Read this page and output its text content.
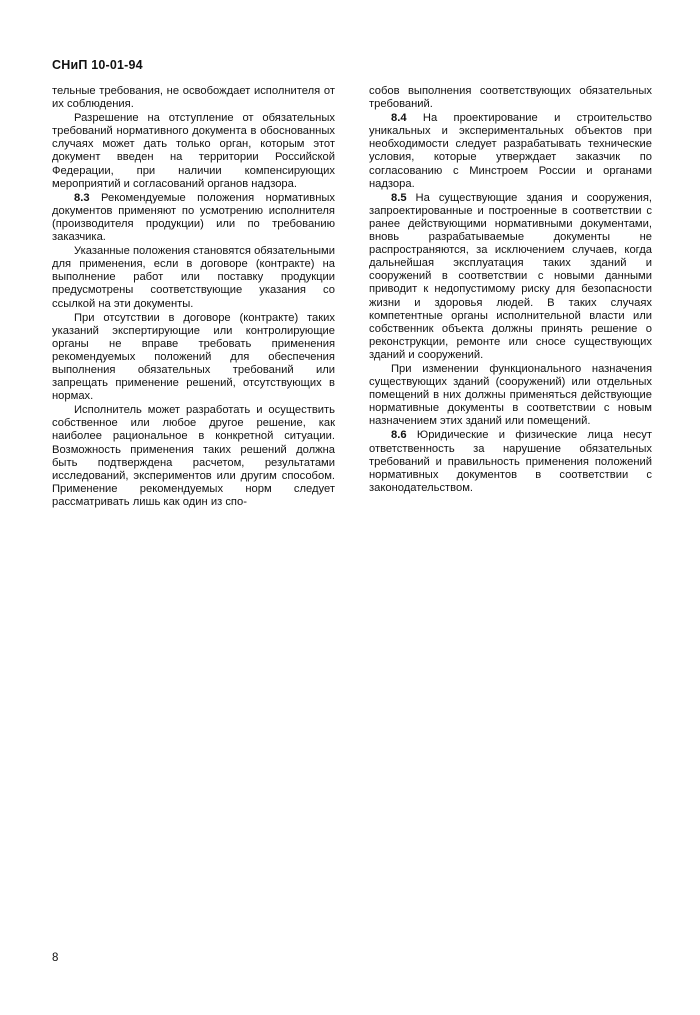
СНиП 10-01-94

тельные требования, не освобождает исполнителя от их соблюдения.

Разрешение на отступление от обязательных требований нормативного документа в обоснованных случаях может дать только орган, которым этот документ введен на территории Российской Федерации, при наличии компенсирующих мероприятий и согласований органов надзора.

8.3 Рекомендуемые положения нормативных документов применяют по усмотрению исполнителя (производителя продукции) или по требованию заказчика.

Указанные положения становятся обязательными для применения, если в договоре (контракте) на выполнение работ или поставку продукции предусмотрены соответствующие указания со ссылкой на эти документы.

При отсутствии в договоре (контракте) таких указаний экспертирующие или контролирующие органы не вправе требовать применения рекомендуемых положений для обеспечения выполнения обязательных требований или запрещать применение решений, отсутствующих в нормах.

Исполнитель может разработать и осуществить собственное или любое другое решение, как наиболее рациональное в конкретной ситуации. Возможность применения таких решений должна быть подтверждена расчетом, результатами исследований, экспериментов или другим способом. Применение рекомендуемых норм следует рассматривать лишь как один из спо-

собов выполнения соответствующих обязательных требований.

8.4 На проектирование и строительство уникальных и экспериментальных объектов при необходимости следует разрабатывать технические условия, которые утверждает заказчик по согласованию с Минстроем России и органами надзора.

8.5 На существующие здания и сооружения, запроектированные и построенные в соответствии с ранее действующими нормативными документами, вновь разрабатываемые документы не распространяются, за исключением случаев, когда дальнейшая эксплуатация таких зданий и сооружений в соответствии с новыми данными приводит к недопустимому риску для безопасности жизни и здоровья людей. В таких случаях компетентные органы исполнительной власти или собственник объекта должны принять решение о реконструкции, ремонте или сносе существующих зданий и сооружений.

При изменении функционального назначения существующих зданий (сооружений) или отдельных помещений в них должны применяться действующие нормативные документы в соответствии с новым назначением этих зданий или помещений.

8.6 Юридические и физические лица несут ответственность за нарушение обязательных требований и правильность применения положений нормативных документов в соответствии с законодательством.

8
